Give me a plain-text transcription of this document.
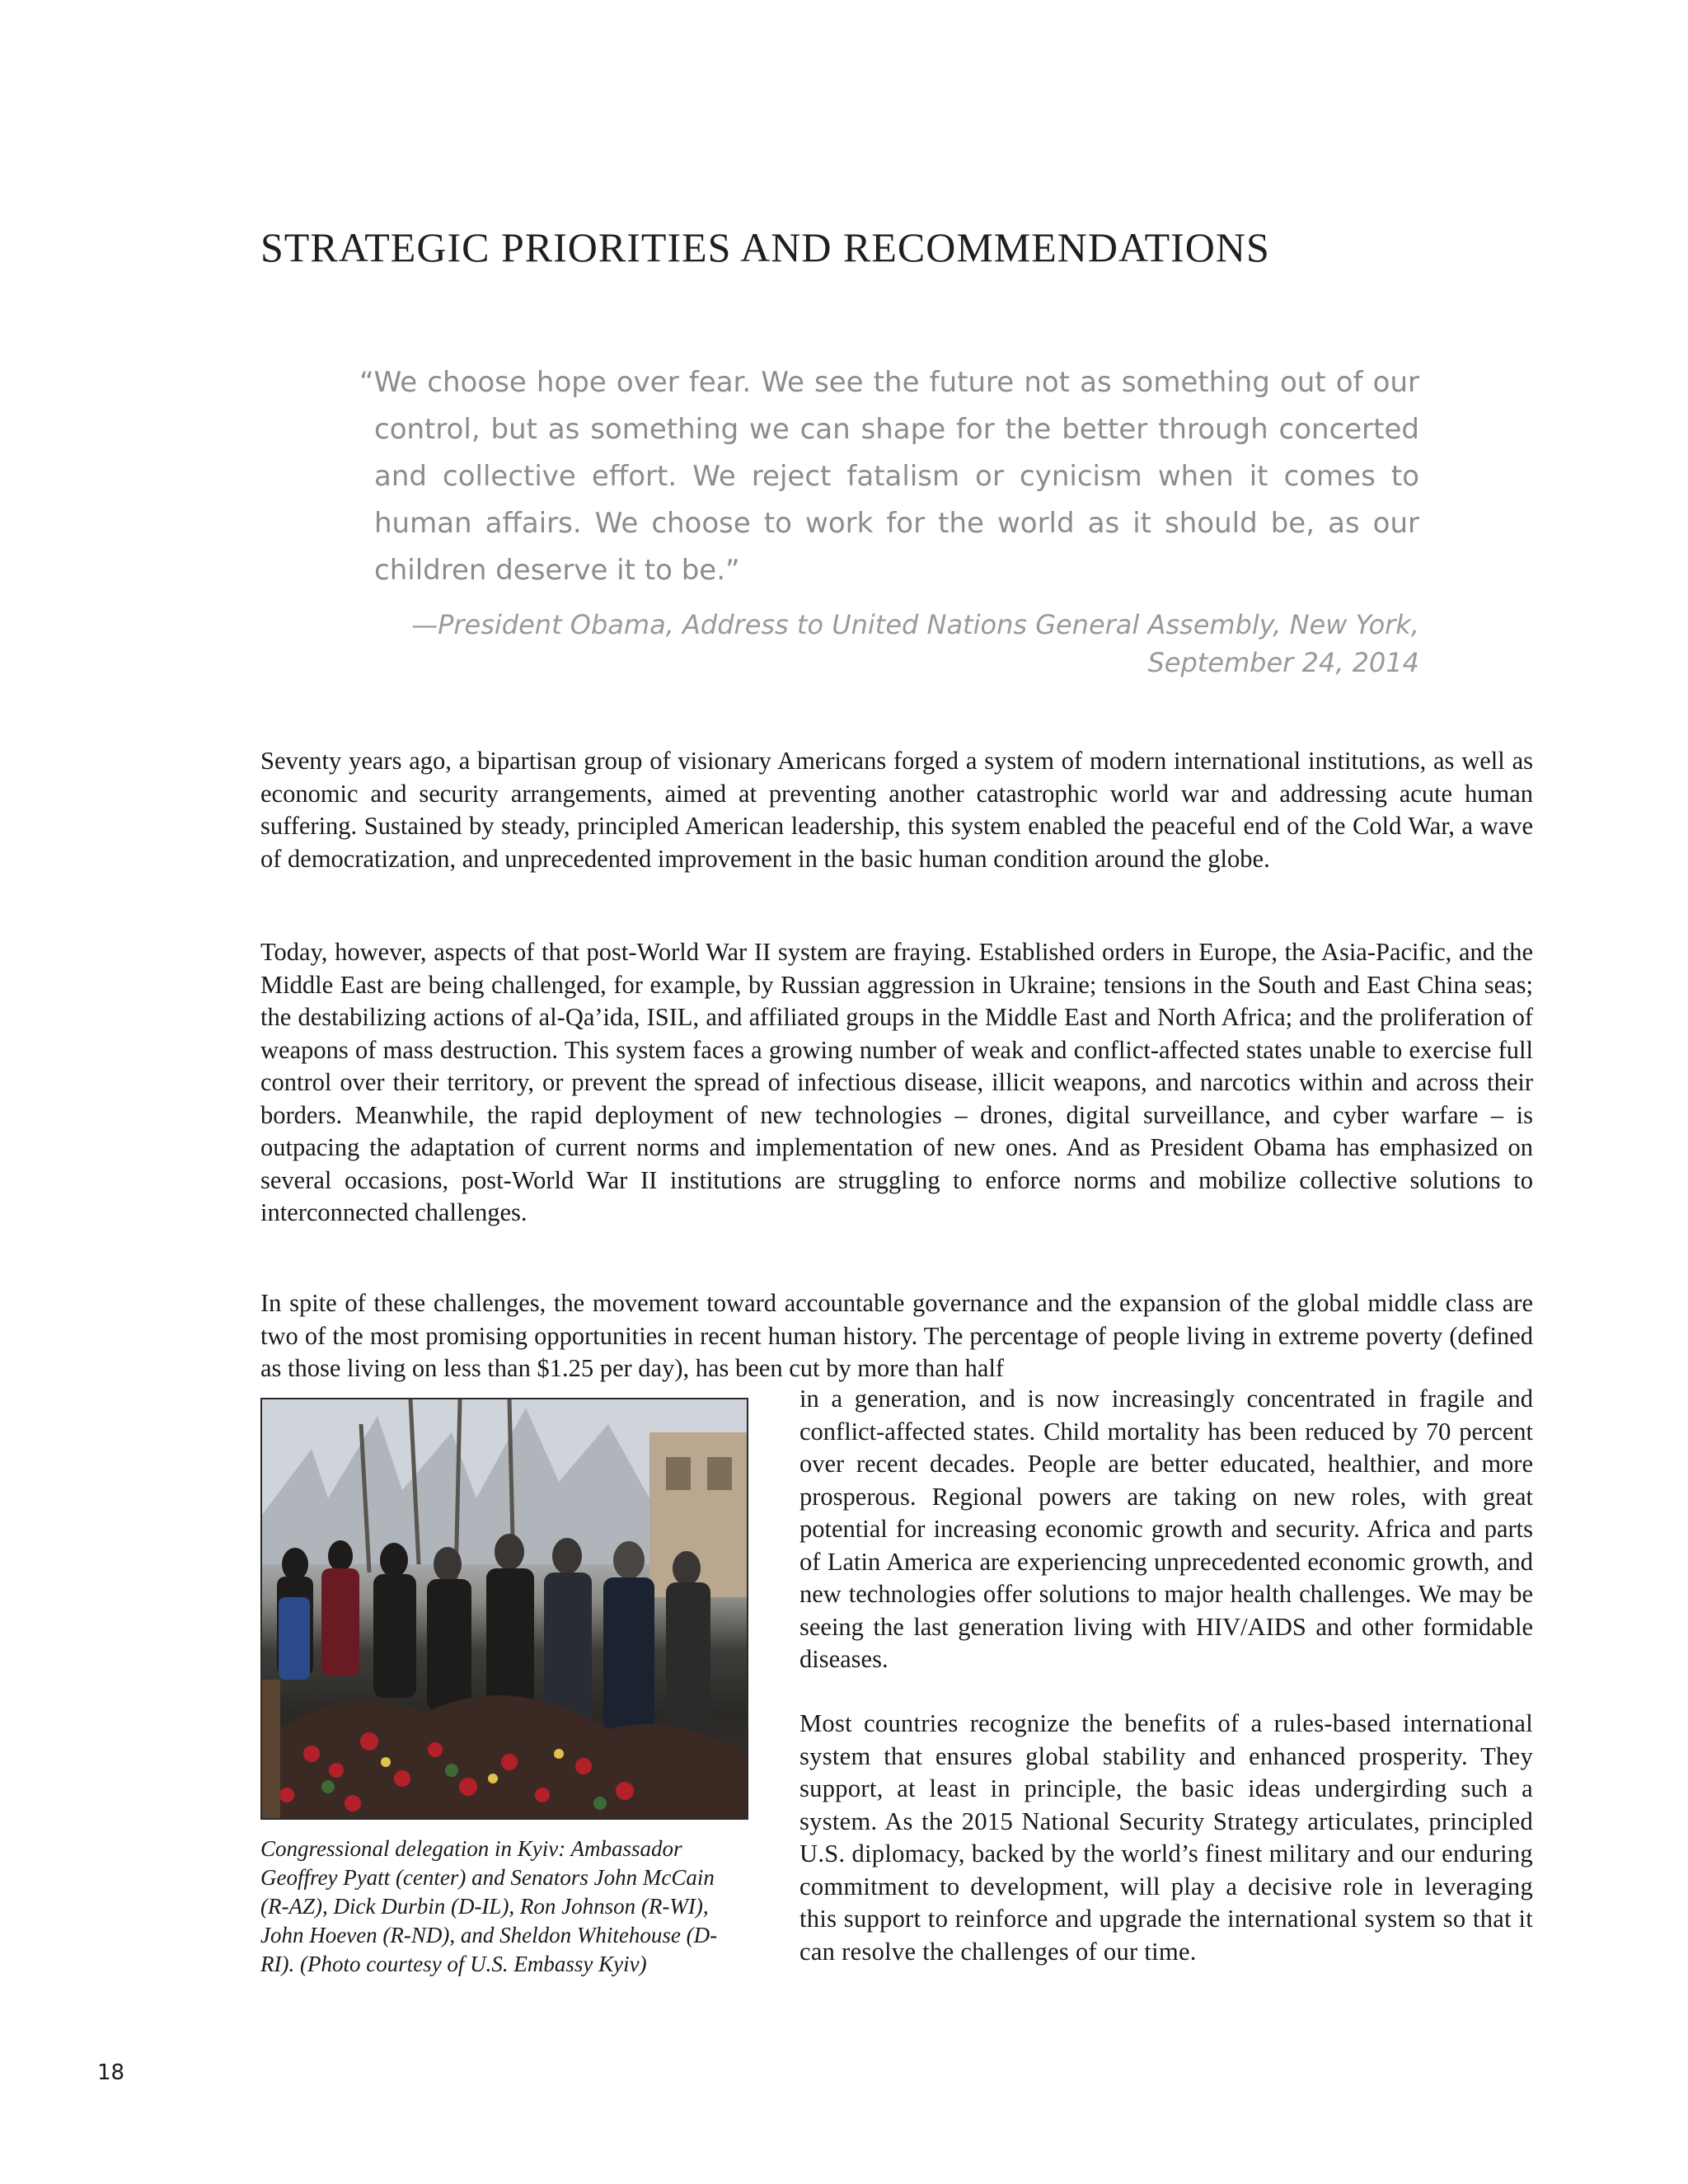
STRATEGIC PRIORITIES AND RECOMMENDATIONS

“We choose hope over fear. We see the future not as something out of our control, but as something we can shape for the better through concerted and collective effort. We reject fatalism or cynicism when it comes to human affairs. We choose to work for the world as it should be, as our children deserve it to be.”

—President Obama, Address to United Nations General Assembly, New York,
September 24, 2014

Seventy years ago, a bipartisan group of visionary Americans forged a system of modern international institutions, as well as economic and security arrangements, aimed at preventing another catastrophic world war and addressing acute human suffering. Sustained by steady, principled American leadership, this system enabled the peaceful end of the Cold War, a wave of democratization, and unprecedented improvement in the basic human condition around the globe.

Today, however, aspects of that post-World War II system are fraying. Established orders in Europe, the Asia-Pacific, and the Middle East are being challenged, for example, by Russian aggression in Ukraine; tensions in the South and East China seas; the destabilizing actions of al-Qa’ida, ISIL, and affiliated groups in the Middle East and North Africa; and the proliferation of weapons of mass destruction. This system faces a growing number of weak and conflict-affected states unable to exercise full control over their territory, or prevent the spread of infectious disease, illicit weapons, and narcotics within and across their borders. Meanwhile, the rapid deployment of new technologies – drones, digital surveillance, and cyber warfare – is outpacing the adaptation of current norms and implementation of new ones. And as President Obama has emphasized on several occasions, post-World War II institutions are struggling to enforce norms and mobilize collective solutions to interconnected challenges.

In spite of these challenges, the movement toward accountable governance and the expansion of the global middle class are two of the most promising opportunities in recent human history. The percentage of people living in extreme poverty (defined as those living on less than $1.25 per day), has been cut by more than half

in a generation, and is now increasingly concentrated in fragile and conflict-affected states. Child mortality has been reduced by 70 percent over recent decades. People are better educated, healthier, and more prosperous. Regional powers are taking on new roles, with great potential for increasing economic growth and security. Africa and parts of Latin America are experiencing unprecedented economic growth, and new technologies offer solutions to major health challenges. We may be seeing the last generation living with HIV/AIDS and other formidable diseases.

Most countries recognize the benefits of a rules-based international system that ensures global stability and enhanced prosperity. They support, at least in principle, the basic ideas undergirding such a system. As the 2015 National Security Strategy articulates, principled U.S. diplomacy, backed by the world’s finest military and our enduring commitment to development, will play a decisive role in leveraging this support to reinforce and upgrade the international system so that it can resolve the challenges of our time.

Congressional delegation in Kyiv: Ambassador Geoffrey Pyatt (center) and Senators John McCain (R-AZ), Dick Durbin (D-IL), Ron Johnson (R-WI), John Hoeven (R-ND), and Sheldon Whitehouse (D-RI). (Photo courtesy of U.S. Embassy Kyiv)
18
